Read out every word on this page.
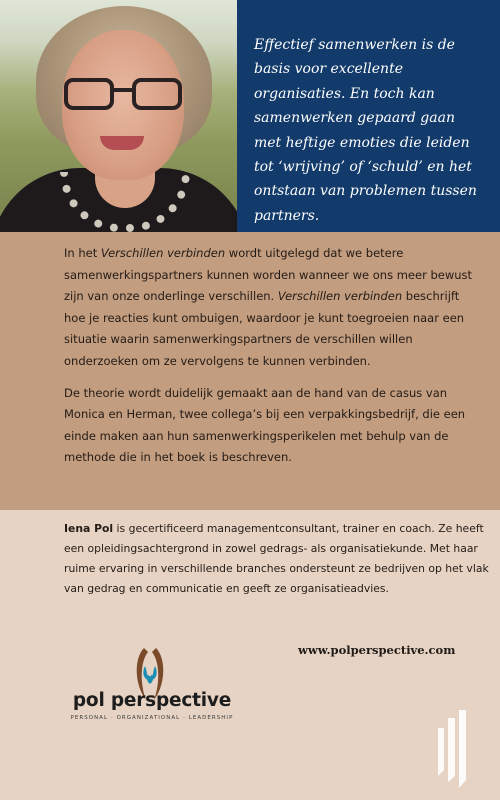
Effectief samenwerken is de basis voor excellente organisaties. En toch kan samenwerken gepaard gaan met heftige emoties die leiden tot ‘wrijving’ of ‘schuld’ en het ontstaan van problemen tussen partners.

In het Verschillen verbinden wordt uitgelegd dat we betere samenwerkingspartners kunnen worden wanneer we ons meer bewust zijn van onze onderlinge verschillen. Verschillen verbinden beschrijft hoe je reacties kunt ombuigen, waardoor je kunt toegroeien naar een situatie waarin samenwerkingspartners de verschillen willen onderzoeken om ze vervolgens te kunnen verbinden.

De theorie wordt duidelijk gemaakt aan de hand van de casus van Monica en Herman, twee collega’s bij een verpakkingsbedrijf, die een einde maken aan hun samenwerkingsperikelen met behulp van de methode die in het boek is beschreven.

Iena Pol is gecertificeerd managementconsultant, trainer en coach. Ze heeft een opleidingsachtergrond in zowel gedrags- als organisatiekunde. Met haar ruime ervaring in verschillende branches ondersteunt ze bedrijven op het vlak van gedrag en communicatie en geeft ze organisatieadvies.

www.polperspective.com
pol perspective
PERSONAL · ORGANIZATIONAL · LEADERSHIP
